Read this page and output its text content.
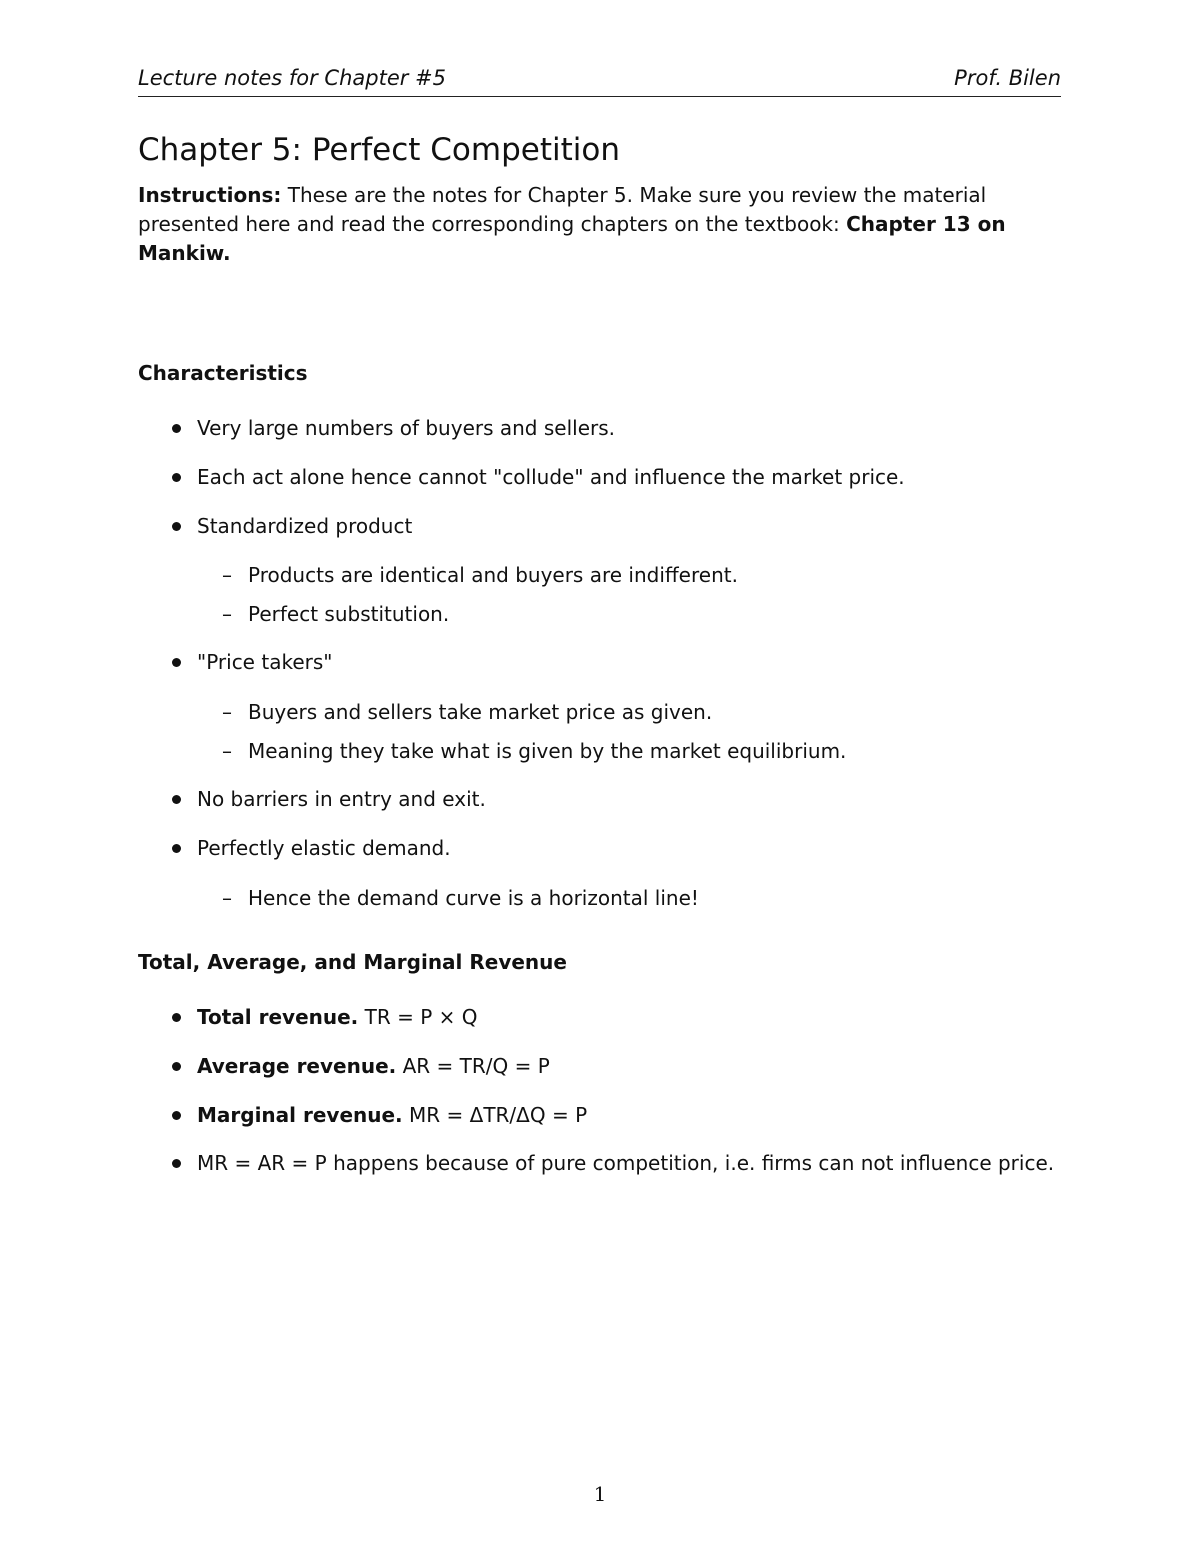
Lecture notes for Chapter #5	Prof. Bilen
Chapter 5: Perfect Competition

Instructions: These are the notes for Chapter 5. Make sure you review the material presented here and read the corresponding chapters on the textbook: Chapter 13 on Mankiw.

Characteristics
Very large numbers of buyers and sellers.
Each act alone hence cannot "collude" and influence the market price.
Standardized product
– Products are identical and buyers are indifferent.
– Perfect substitution.
"Price takers"
– Buyers and sellers take market price as given.
– Meaning they take what is given by the market equilibrium.
No barriers in entry and exit.
Perfectly elastic demand.
– Hence the demand curve is a horizontal line!
Total, Average, and Marginal Revenue
Total revenue. TR = P × Q
Average revenue. AR = TR/Q = P
Marginal revenue. MR = ΔTR/ΔQ = P
MR = AR = P happens because of pure competition, i.e. firms can not influence price.
1
